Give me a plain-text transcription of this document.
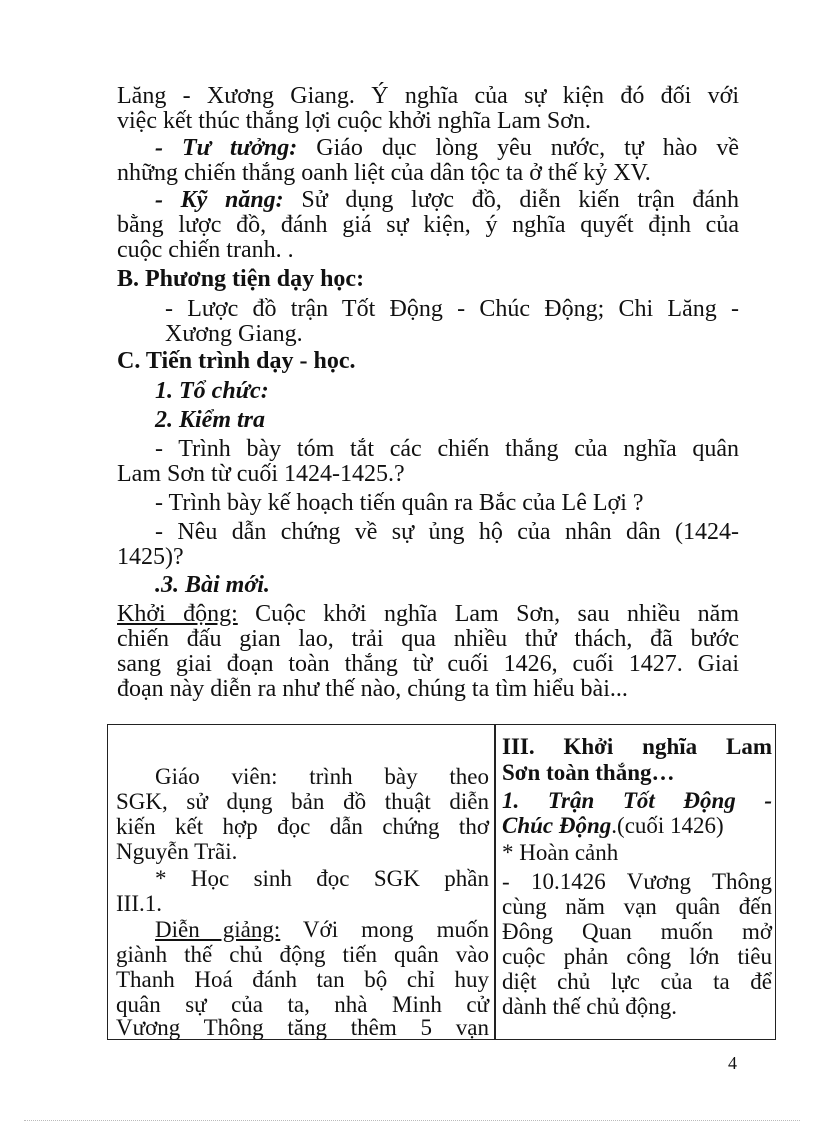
Lăng - Xương Giang. Ý nghĩa của sự kiện đó đối với
việc kết thúc thắng lợi cuộc khởi nghĩa Lam Sơn.
- Tư tưởng: Giáo dục lòng yêu nước, tự hào về
những chiến thắng oanh liệt của dân tộc ta ở thế kỷ XV.
- Kỹ năng: Sử dụng lược đồ, diễn kiến trận đánh
bằng lược đồ, đánh giá sự kiện, ý nghĩa quyết định của
cuộc chiến tranh. .
B. Phương tiện dạy học:
- Lược đồ trận Tốt Động - Chúc Động; Chi Lăng -
Xương Giang.
C. Tiến trình dạy - học.
1. Tổ chức:
2. Kiểm tra
- Trình bày tóm tắt các chiến thắng của nghĩa quân
Lam Sơn từ cuối 1424-1425.?
- Trình bày kế hoạch tiến quân ra Bắc của Lê Lợi ?
- Nêu dẫn chứng về sự ủng hộ của nhân dân (1424-
1425)?
.3. Bài mới.
Khởi động: Cuộc khởi nghĩa Lam Sơn, sau nhiều năm
chiến đấu gian lao, trải qua nhiều thử thách, đã bước
sang giai đoạn toàn thắng từ cuối 1426, cuối 1427. Giai
đoạn này diễn ra như thế nào, chúng ta tìm hiểu bài...
Giáo viên: trình bày theo
SGK, sử dụng bản đồ thuật diễn
kiến kết hợp đọc dẫn chứng thơ
Nguyễn Trãi.
* Học sinh đọc SGK phần
III.1.
Diễn giảng: Với mong muốn
giành thế chủ động tiến quân vào
Thanh Hoá đánh tan bộ chỉ huy
quân sự của ta, nhà Minh cử
Vương Thông tăng thêm 5 vạn
III. Khởi nghĩa Lam
Sơn toàn thắng…
1. Trận Tốt Động -
Chúc Động.(cuối 1426)
* Hoàn cảnh
- 10.1426 Vương Thông
cùng năm vạn quân đến
Đông Quan muốn mở
cuộc phản công lớn tiêu
diệt chủ lực của ta để
dành thế chủ động.
4
